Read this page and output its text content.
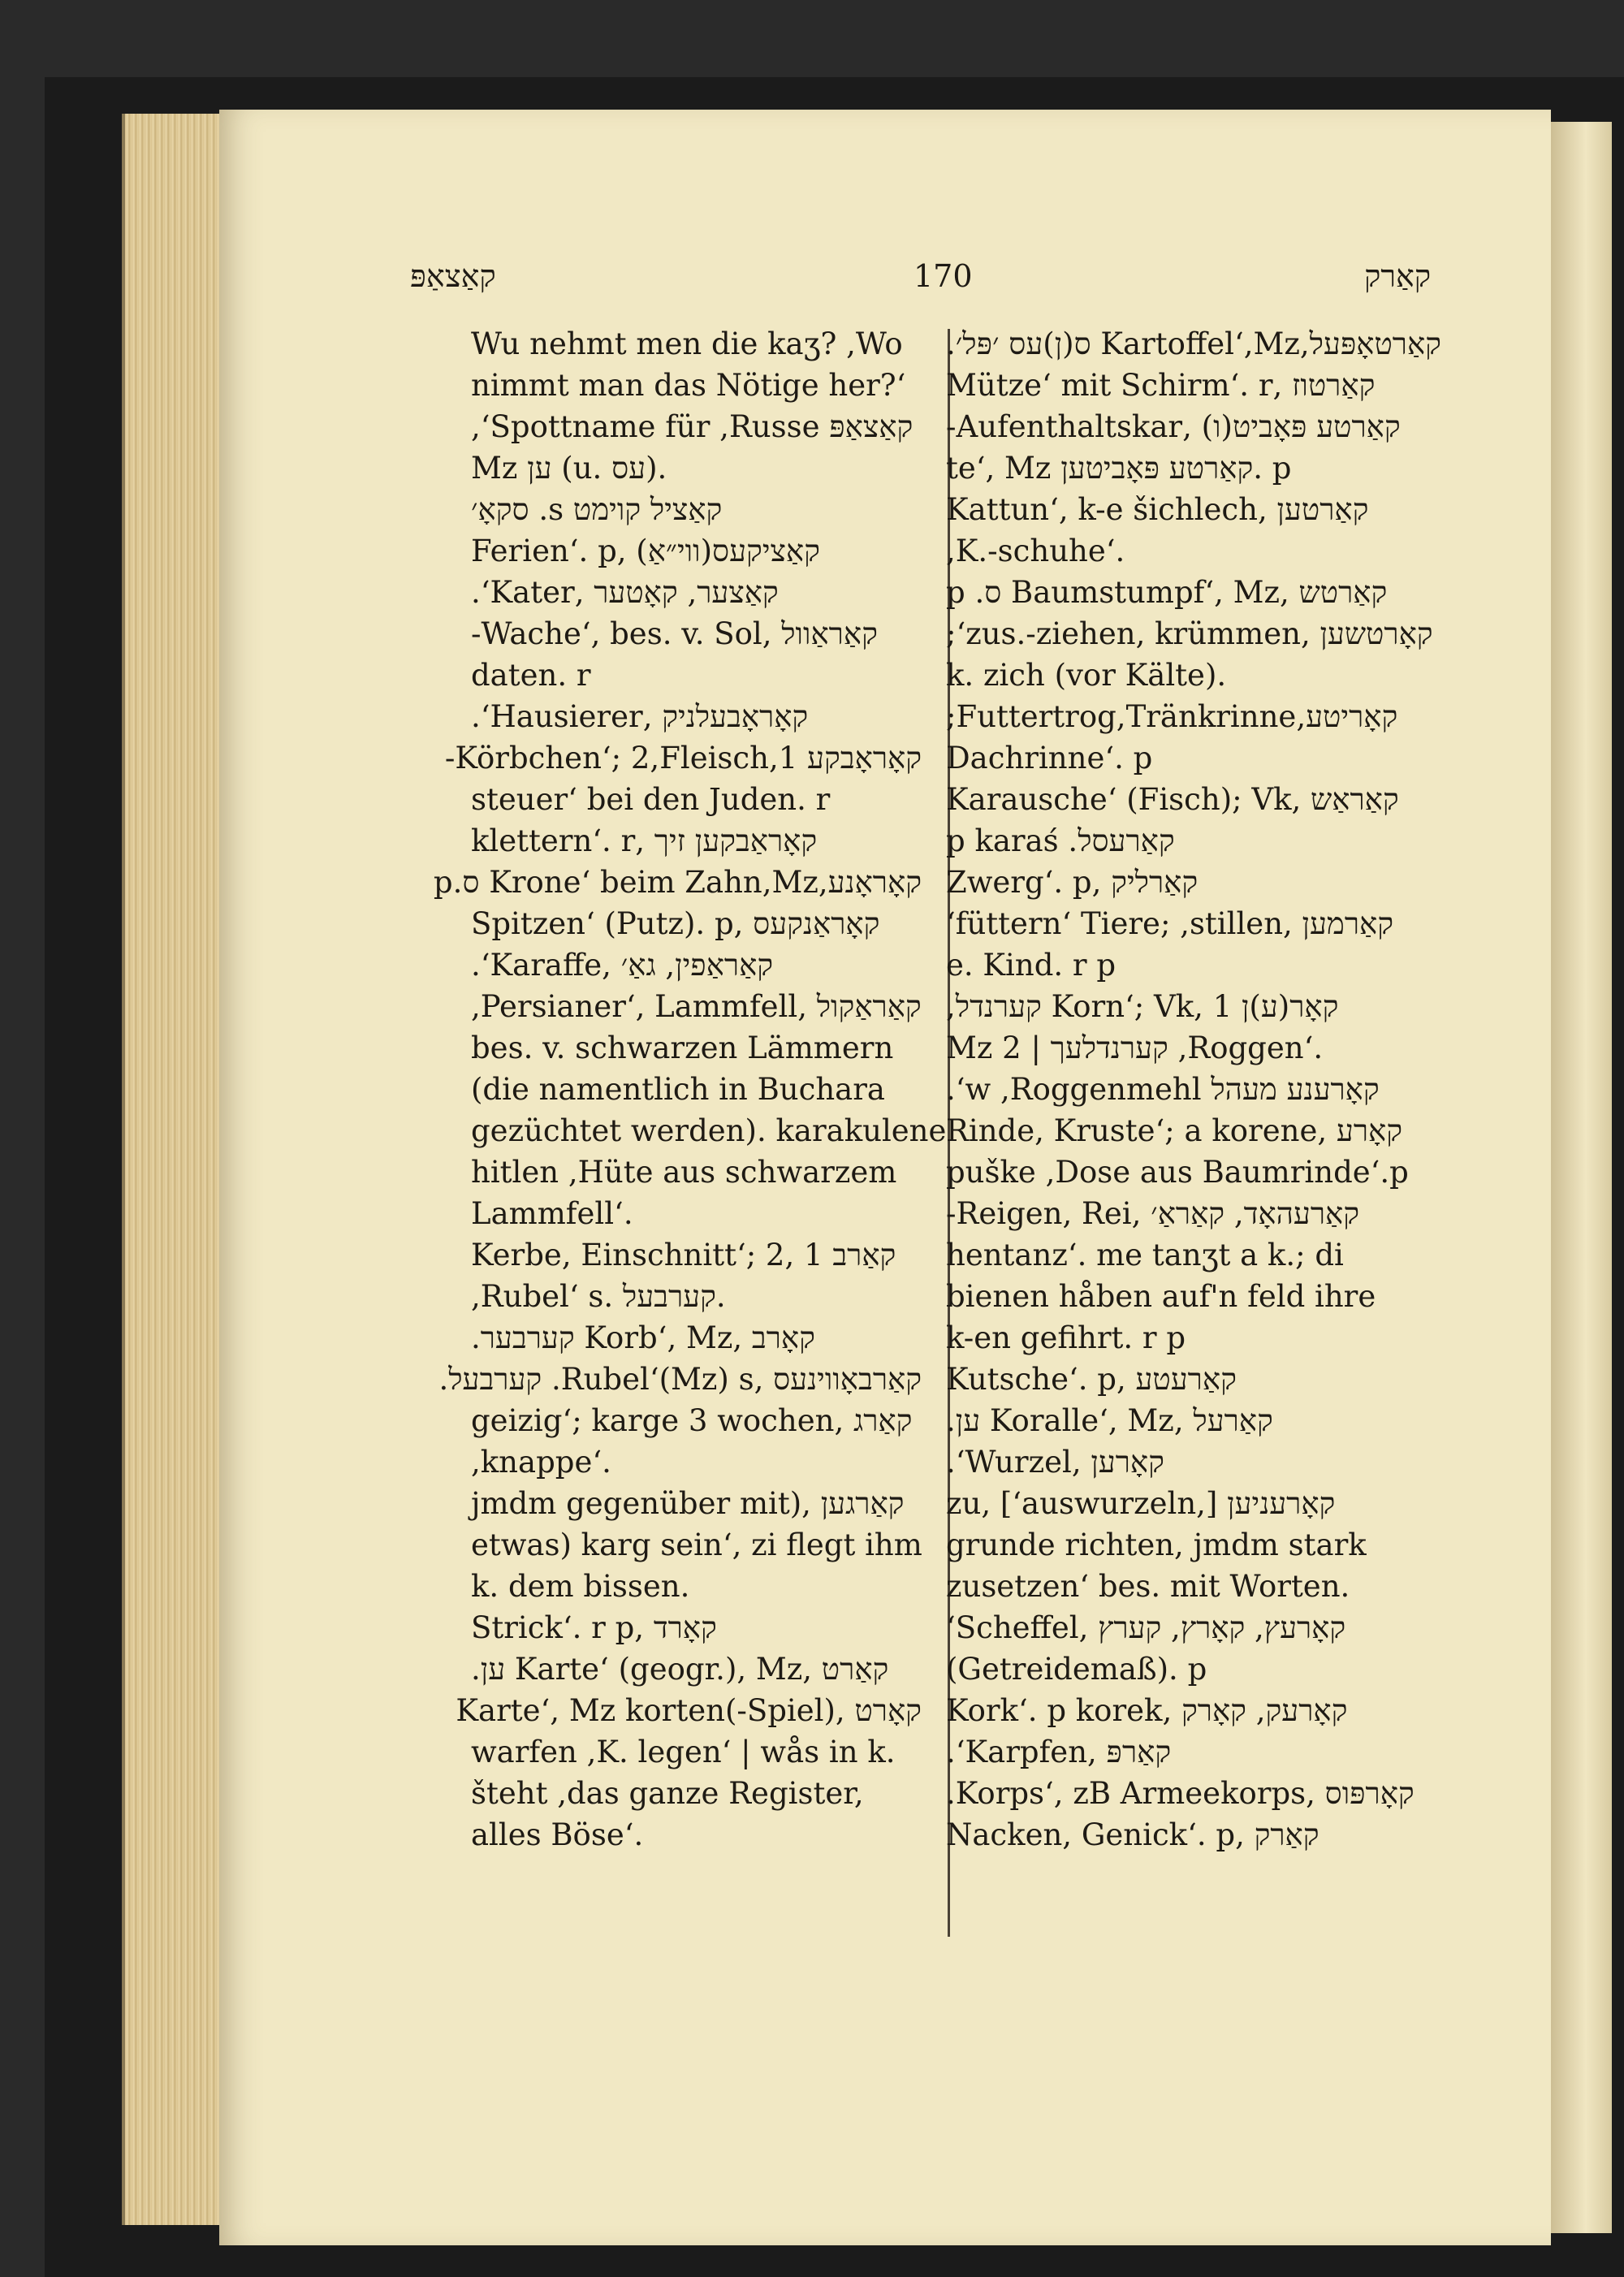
קאַצאַפּ	170	קאַרק
Wu nehmt men die kaʒ? ,Wo
nimmt man das Nötige her?‘
קאַצאַפּ Spottname für ,Russe‘,
Mz ען (u. עס).
קאַציל קוימט s. סקאָ׳
קאַציקעס(ווי״אַ) ,Ferien‘. p
קאַצער, קאָטער ,Kater‘.
קאַראַוול ,Wache‘, bes. v. Sol-
daten. r
קאָראָבעלניק ,Hausierer‘.
קאָראָבקע 1,Körbchen‘; 2,Fleisch-
steuer‘ bei den Juden. r
קאָראַבקען זיך ,klettern‘. r
קאָראָנע,Krone‘ beim Zahn,Mz ס.p
קאָראַנקעס ,Spitzen‘ (Putz). p
קאַראַפין, גאַ׳ ,Karaffe‘.
קאַראַקול ,Persianer‘, Lammfell,
bes. v. schwarzen Lämmern
(die namentlich in Buchara
gezüchtet werden). karakulene
hitlen ,Hüte aus schwarzem
Lammfell‘.
קאַרב 1 ,Kerbe, Einschnitt‘; 2
,Rubel‘ s. קערבעל.
קאָרב ,Korb‘, Mz קערבער.
קאַרבאָווינעס ,Rubel‘(Mz) s. קערבעל.
קאַרג ,geizig‘; karge 3 wochen
,knappe‘.
קאַרגען ,(jmdm gegenüber mit
etwas) karg sein‘, zi flegt ihm
k. dem bissen.
קאָרד ,Strick‘. r p
קאַרט ,Karte‘ (geogr.), Mz ען.
קאָרט ,(Spiel-)Karte‘, Mz korten
warfen ,K. legen‘ | wås in k.
šteht ,das ganze Register,
alles Böse‘.
קאַרטאָפּעל,Kartoffel‘,Mz ס(ן)עס ׳פּל׳.
קאַרטוז ,Mütze‘ mit Schirm‘. r
קאַרטע פּאָביט(ו) ,Aufenthaltskar-
te‘, Mz קאַרטע פּאָביטען. p
קאַרטען ,Kattun‘, k-e šichlech
,K.-schuhe‘.
קאַרטש ,Baumstumpf‘, Mz ס. p
קאָרטשען ,zus.-ziehen, krümmen‘;
k. zich (vor Kälte).
קאָריטע,Futtertrog,Tränkrinne;
Dachrinne‘. p
קאַראַש ,Karausche‘ (Fisch); Vk
קאַרעסל. p karaś
קאַרליק ,Zwerg‘. p
קאַרמען ,füttern‘ Tiere; ,stillen‘
e. Kind. r p
קאָר(ע)ן 1 ,Korn‘; Vk קערנדל,
Mz קערנדלעך | 2 ,Roggen‘.
קאָרענע מעהל w ,Roggenmehl‘.
קאָרע ,Rinde, Kruste‘; a korene
puške ,Dose aus Baumrinde‘.p
קאַרעהאָד, קאַראַ׳ ,Reigen, Rei-
hentanz‘. me tanʒt a k.; di
bienen håben auf'n feld ihre
k-en gefihrt. r p
קאַרעטע ,Kutsche‘. p
קאַרעל ,Koralle‘, Mz ען.
קאָרען ,Wurzel‘.
קאָרעניען [,auswurzeln‘] ,zu
grunde richten, jmdm stark
zusetzen‘ bes. mit Worten.
קאָרעץ, קאָרץ, קערץ ,Scheffel‘
(Getreidemaß). p
קאָרעק, קאָרק ,Kork‘. p korek
קאַרפּ ,Karpfen‘.
קאָרפּוס ,Korps‘, zB Armeekorps.
קאַרק ,Nacken, Genick‘. p
